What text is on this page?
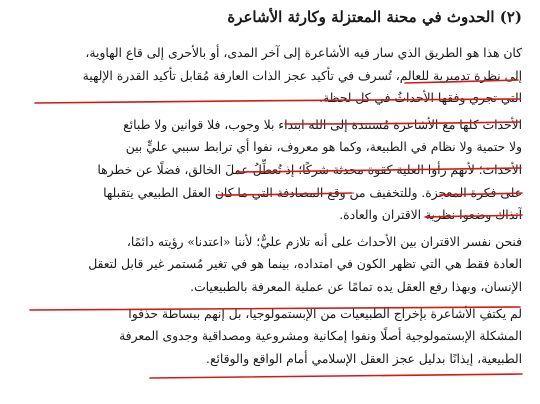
(٢) الحدوث في محنة المعتزلة وكارثة الأشاعرة
كان هذا هو الطريق الذي سار فيه الأشاعرة إلى آخر المدى، أو بالأحرى إلى قاع الهاوية،
إلى نظرة تدميرية للعالم، تُسرف في تأكيد عجز الذات العارفة مُقابل تأكيد القدرة الإلهية
التي تجري وفقها الأحداثُ في كل لحظة.
الأحداث كلها مع الأشاعرة مُستندة إلى الله ابتداء بلا وجوب، فلا قوانين ولا طبائع
ولا حتمية ولا نظام في الطبيعة، وكما هو معروف، نفوا أي ترابط سببي عليٍّ بين
الأحداث؛ لأنهم رأوا العلية كقوة محدثة شركًا؛ إذ تُعطِّلُ عملَ الخالق، فضلًا عن خطرها
على فكرة المعجزة. وللتخفيف من وقع المصادفة التي ما كان العقل الطبيعي يتقبلها
آنذاك وضعوا نظرية الاقتران والعادة.
فنحن نفسر الاقتران بين الأحداث على أنه تلازم عليٌّ؛ لأننا «اعتدنا» رؤيته دائمًا،
العادة فقط هي التي تظهر الكون في امتداده، بينما هو في تغير مُستمر غير قابل لتعقل
الإنسان، وبهذا رفع العقل يده تمامًا عن عملية المعرفة بالطبيعيات.
لم يكتفِ الأشاعرة بإخراج الطبيعيات من الإبستمولوجيا، بل إنهم ببساطة حذفوا
المشكلة الإبستمولوجية أصلًا ونفوا إمكانية ومشروعية ومصداقية وجدوى المعرفة
الطبيعية، إيذانًا بدليل عجز العقل الإسلامي أمام الواقع والوقائع.
